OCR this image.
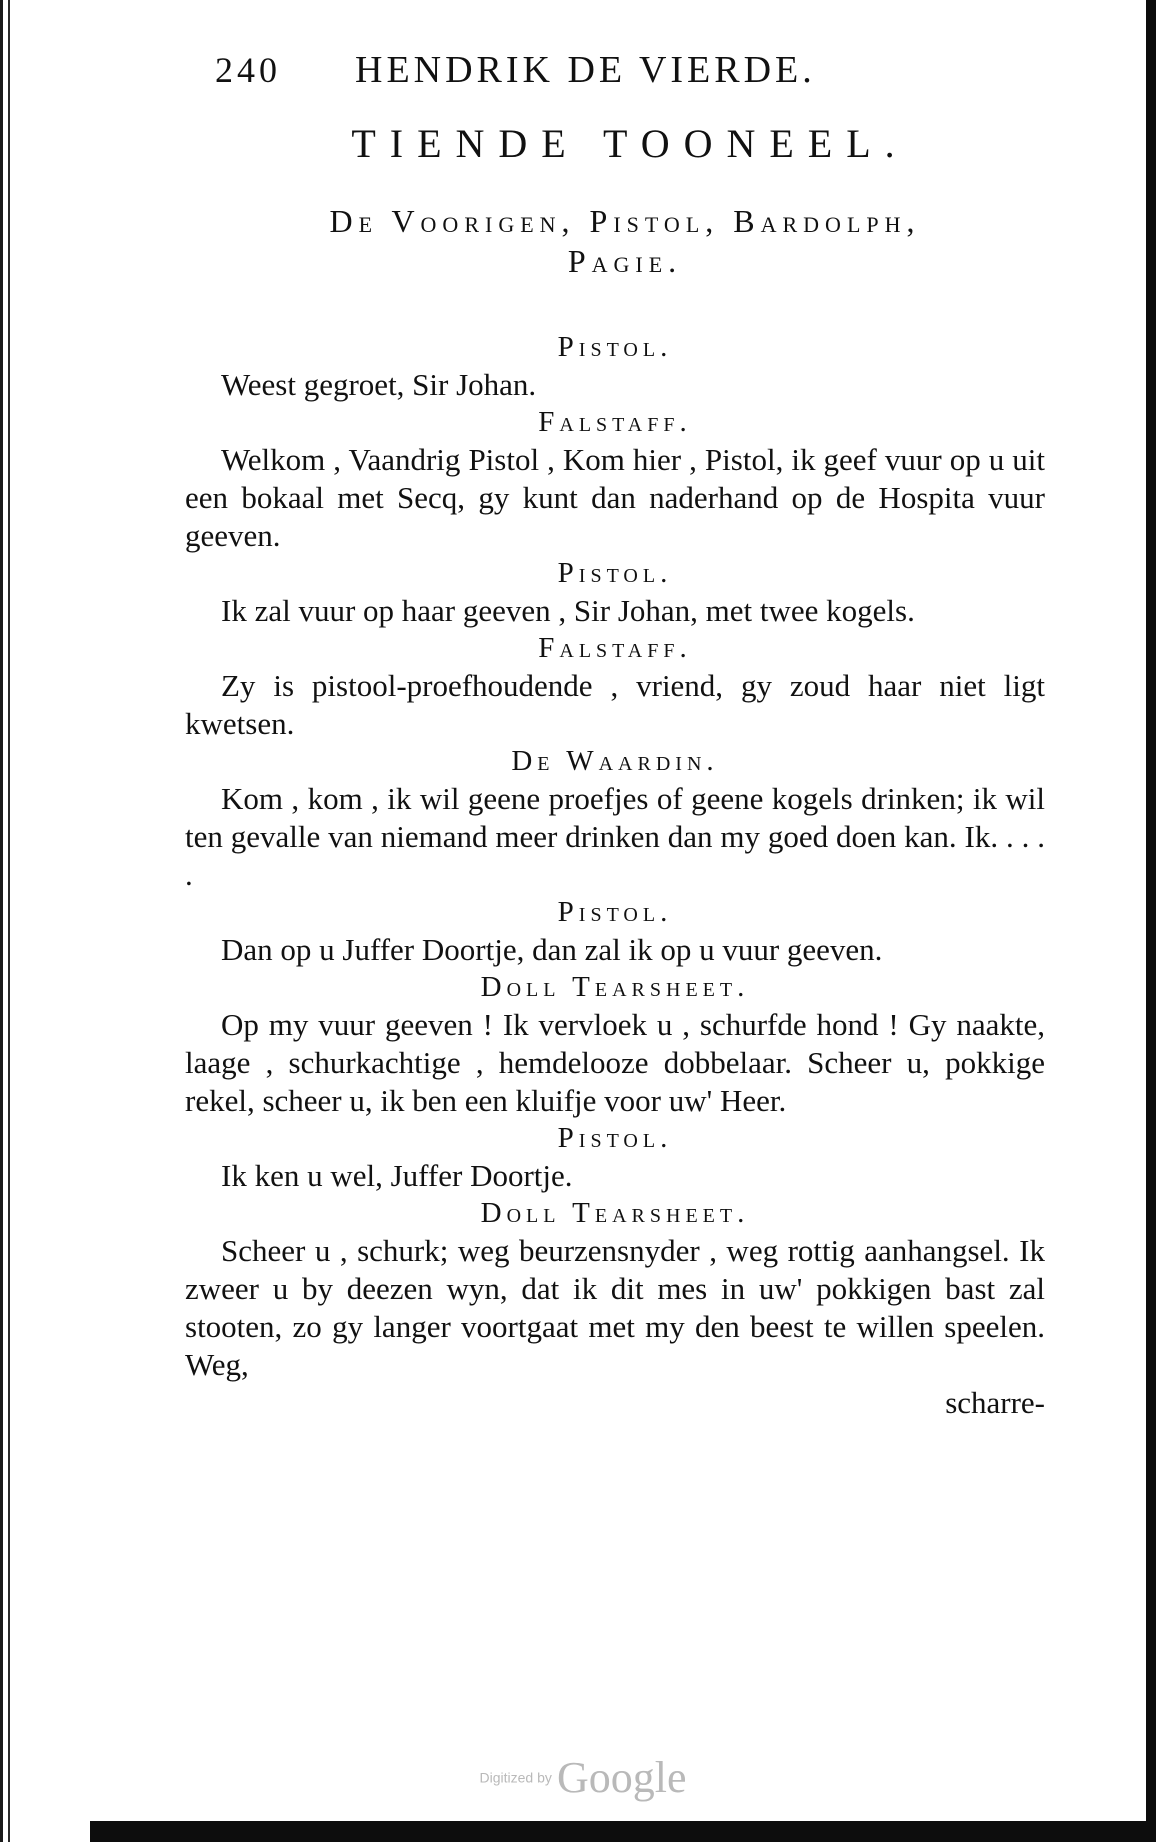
240	HENDRIK DE VIERDE.
TIENDE TOONEEL.
De Voorigen, Pistol, Bardolph,
Pagie.
Pistol.

Weest gegroet, Sir Johan.

Falstaff.

Welkom , Vaandrig Pistol , Kom hier , Pistol, ik geef vuur op u uit een bokaal met Secq, gy kunt dan naderhand op de Hospita vuur geeven.

Pistol.

Ik zal vuur op haar geeven , Sir Johan, met twee kogels.

Falstaff.

Zy is pistool-proefhoudende , vriend, gy zoud haar niet ligt kwetsen.

De Waardin.

Kom , kom , ik wil geene proefjes of geene kogels drinken; ik wil ten gevalle van niemand meer drinken dan my goed doen kan. Ik. . . . .

Pistol.

Dan op u Juffer Doortje, dan zal ik op u vuur geeven.

Doll Tearsheet.

Op my vuur geeven ! Ik vervloek u , schurfde hond ! Gy naakte, laage , schurkachtige , hemdelooze dobbelaar. Scheer u, pokkige rekel, scheer u, ik ben een kluifje voor uw' Heer.

Pistol.

Ik ken u wel, Juffer Doortje.

Doll Tearsheet.

Scheer u , schurk; weg beurzensnyder , weg rottig aanhangsel. Ik zweer u by deezen wyn, dat ik dit mes in uw' pokkigen bast zal stooten, zo gy langer voortgaat met my den beest te willen speelen. Weg,

scharre-
Digitized by Google
